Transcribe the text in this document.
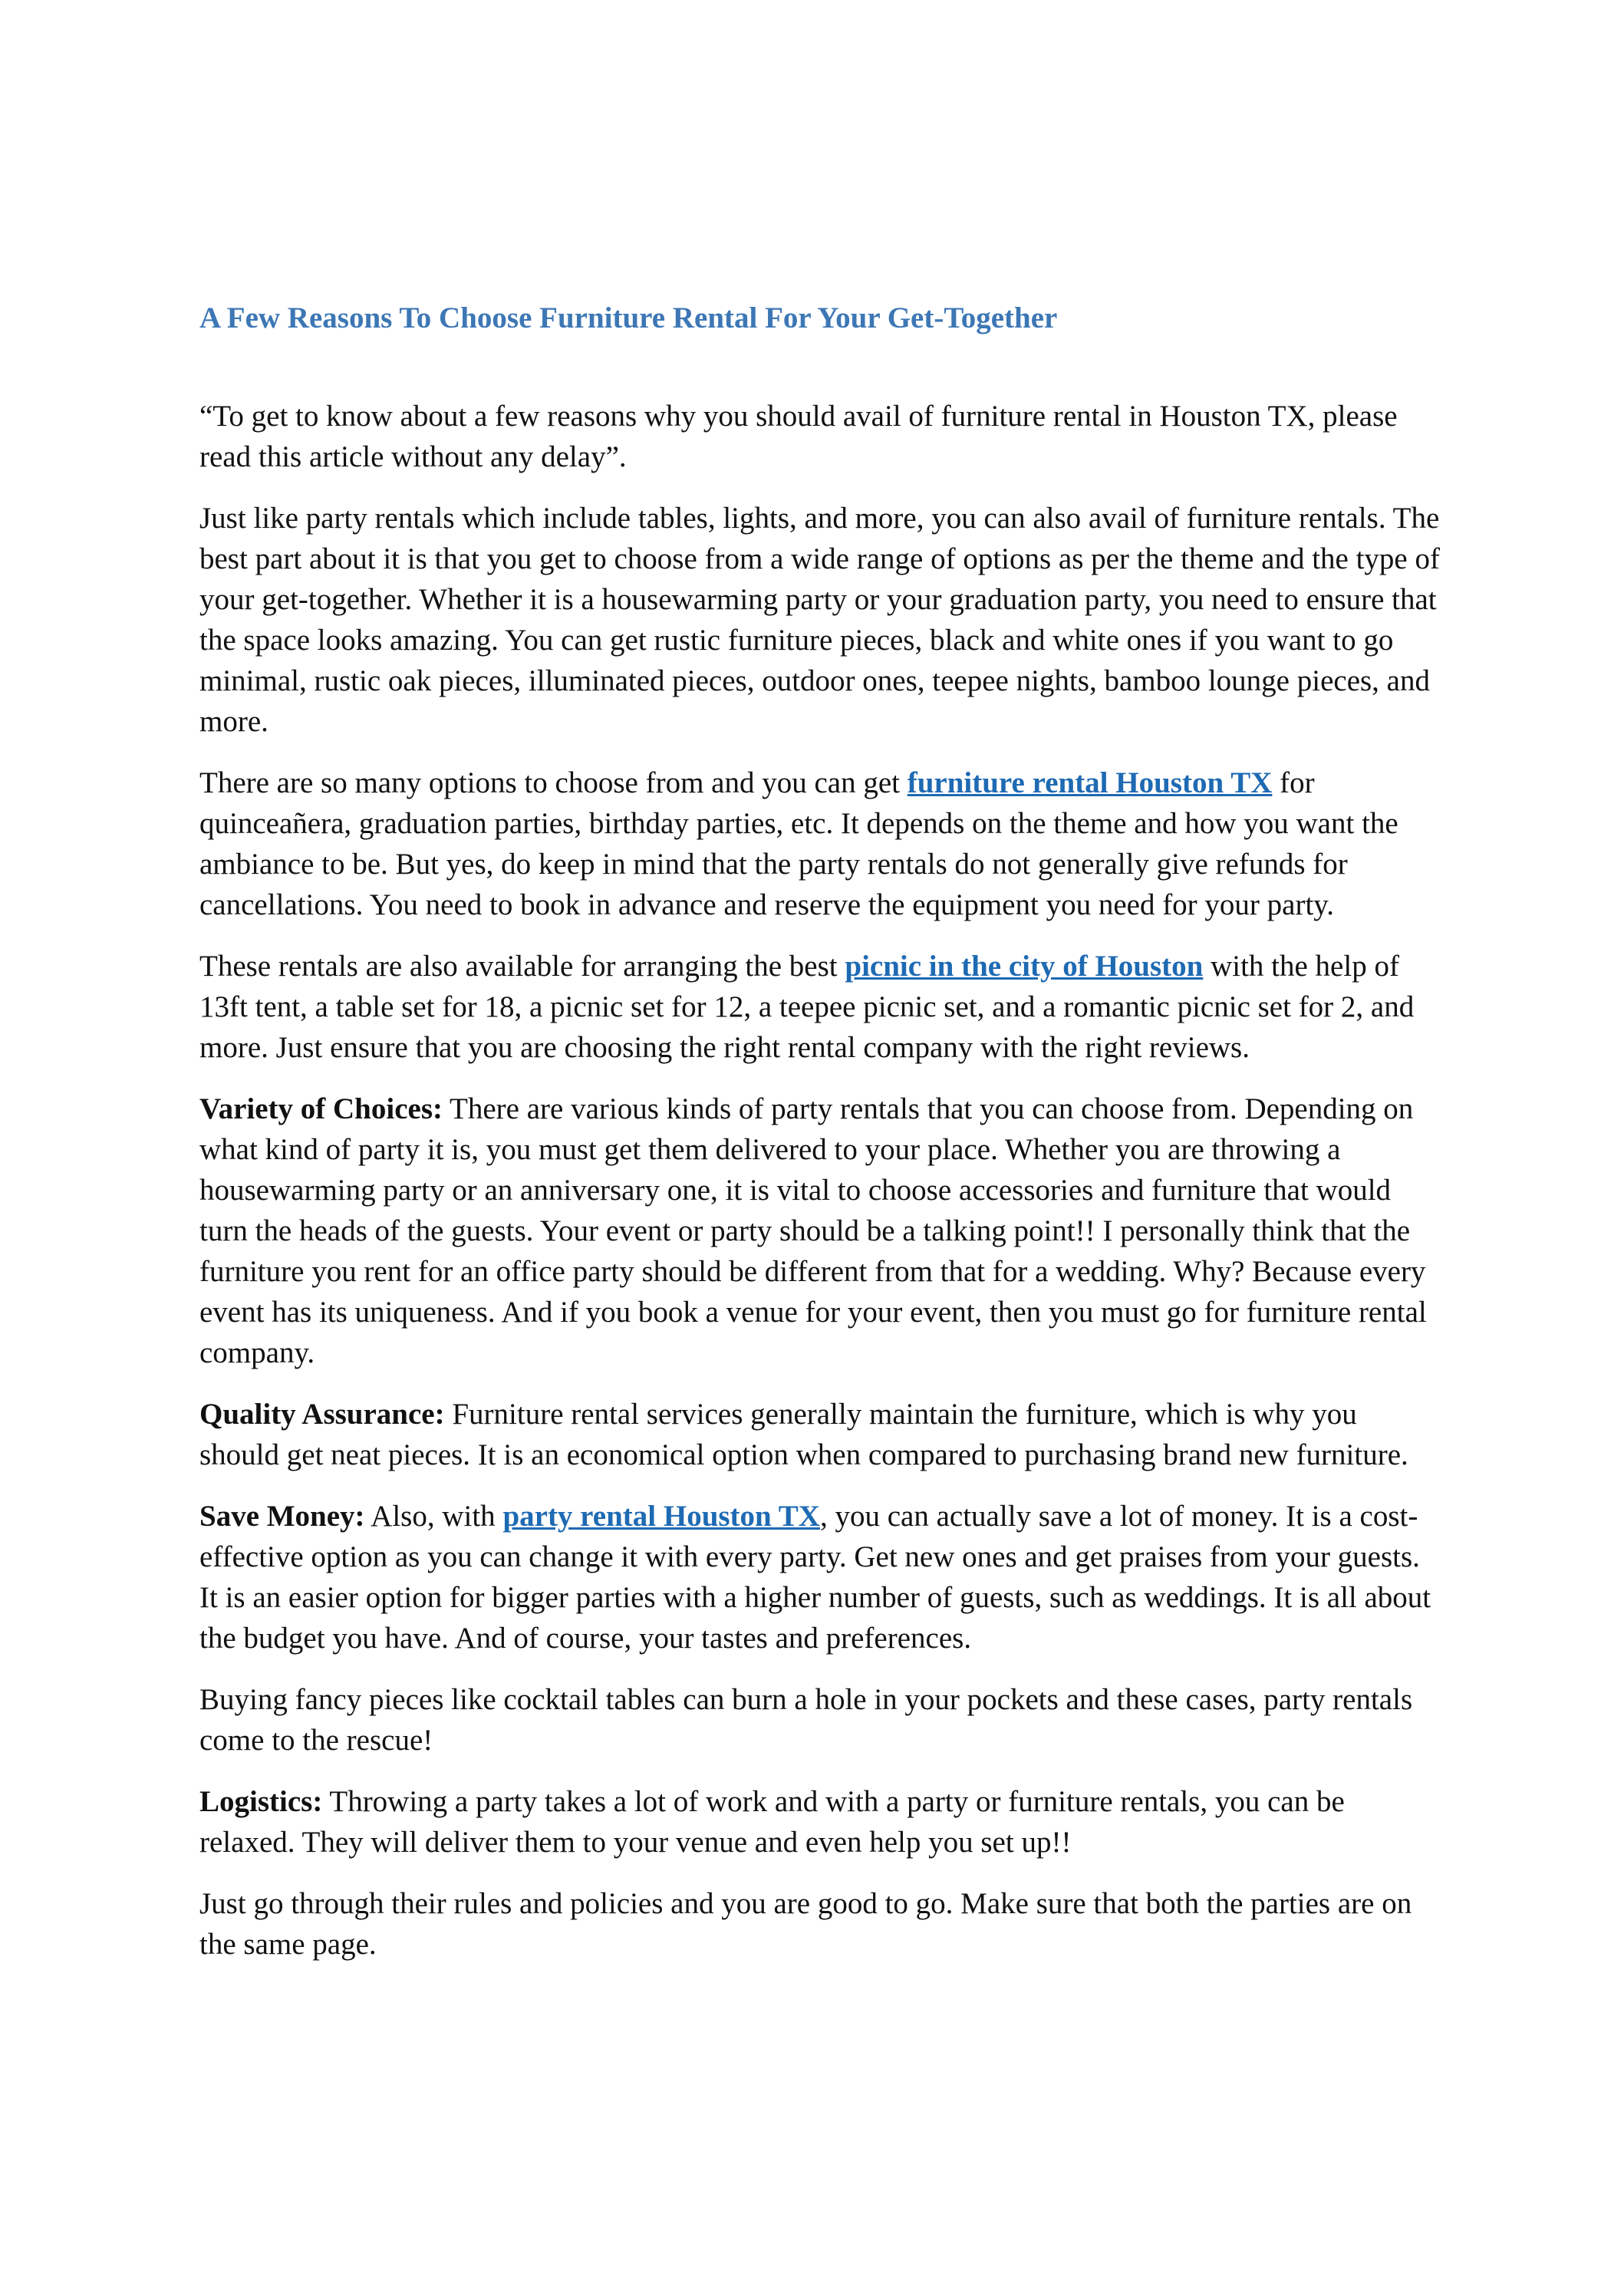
A Few Reasons To Choose Furniture Rental For Your Get-Together

“To get to know about a few reasons why you should avail of furniture rental in Houston TX, please read this article without any delay”.

Just like party rentals which include tables, lights, and more, you can also avail of furniture rentals. The best part about it is that you get to choose from a wide range of options as per the theme and the type of your get-together. Whether it is a housewarming party or your graduation party, you need to ensure that the space looks amazing. You can get rustic furniture pieces, black and white ones if you want to go minimal, rustic oak pieces, illuminated pieces, outdoor ones, teepee nights, bamboo lounge pieces, and more.

There are so many options to choose from and you can get furniture rental Houston TX for quinceañera, graduation parties, birthday parties, etc. It depends on the theme and how you want the ambiance to be. But yes, do keep in mind that the party rentals do not generally give refunds for cancellations. You need to book in advance and reserve the equipment you need for your party.

These rentals are also available for arranging the best picnic in the city of Houston with the help of 13ft tent, a table set for 18, a picnic set for 12, a teepee picnic set, and a romantic picnic set for 2, and more. Just ensure that you are choosing the right rental company with the right reviews.

Variety of Choices: There are various kinds of party rentals that you can choose from. Depending on what kind of party it is, you must get them delivered to your place. Whether you are throwing a housewarming party or an anniversary one, it is vital to choose accessories and furniture that would turn the heads of the guests. Your event or party should be a talking point!! I personally think that the furniture you rent for an office party should be different from that for a wedding. Why? Because every event has its uniqueness. And if you book a venue for your event, then you must go for furniture rental company.

Quality Assurance: Furniture rental services generally maintain the furniture, which is why you should get neat pieces. It is an economical option when compared to purchasing brand new furniture.

Save Money: Also, with party rental Houston TX, you can actually save a lot of money. It is a cost-effective option as you can change it with every party. Get new ones and get praises from your guests. It is an easier option for bigger parties with a higher number of guests, such as weddings. It is all about the budget you have. And of course, your tastes and preferences.

Buying fancy pieces like cocktail tables can burn a hole in your pockets and these cases, party rentals come to the rescue!

Logistics: Throwing a party takes a lot of work and with a party or furniture rentals, you can be relaxed. They will deliver them to your venue and even help you set up!!

Just go through their rules and policies and you are good to go. Make sure that both the parties are on the same page.
